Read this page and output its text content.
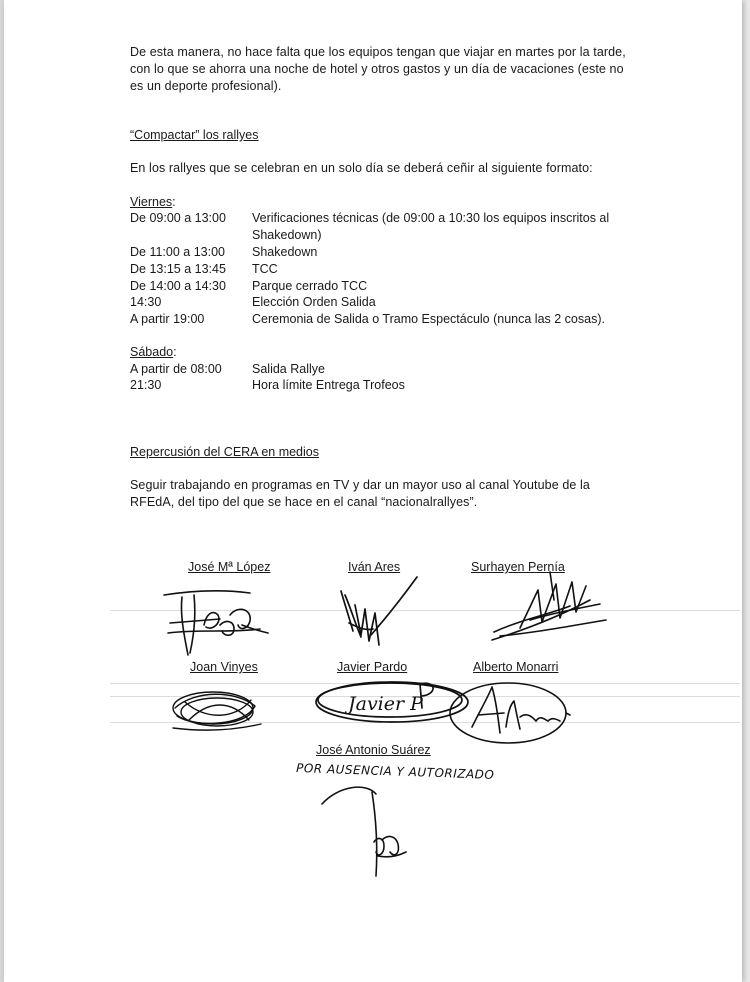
De esta manera, no hace falta que los equipos tengan que viajar en martes por la tarde, con lo que se ahorra una noche de hotel y otros gastos y un día de vacaciones (este no es un deporte profesional).
“Compactar” los rallyes
En los rallyes que se celebran en un solo día se deberá ceñir al siguiente formato:
Viernes:
De 09:00 a 13:00 Verificaciones técnicas (de 09:00 a 10:30 los equipos inscritos al Shakedown)
De 11:00 a 13:00 Shakedown
De 13:15 a 13:45 TCC
De 14:00 a 14:30 Parque cerrado TCC
14:30	Elección Orden Salida
A partir 19:00	Ceremonia de Salida o Tramo Espectáculo (nunca las 2 cosas).
Sábado:
A partir de 08:00 Salida Rallye
21:30	Hora límite Entrega Trofeos
Repercusión del CERA en medios
Seguir trabajando en programas en TV y dar un mayor uso al canal Youtube de la RFEdA, del tipo del que se hace en el canal “nacionalrallyes”.
José Mª López	Iván Ares	Surhayen Pernía
Joan Vinyes	Javier Pardo	Alberto Monarri
José Antonio Suárez
Javier P
POR AUSENCIA Y AUTORIZADO
